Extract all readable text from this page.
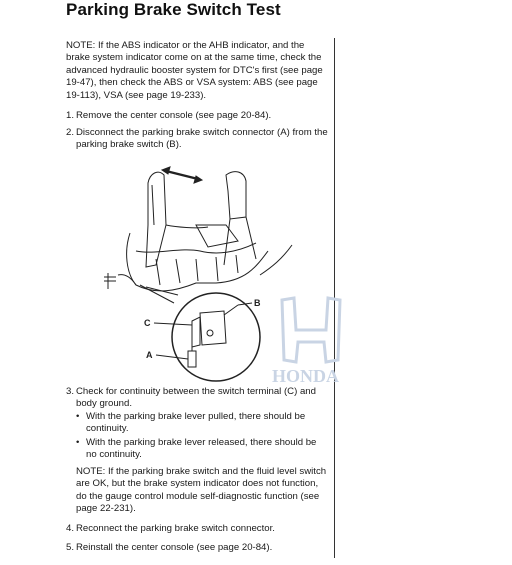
Parking Brake Switch Test
NOTE: If the ABS indicator or the AHB indicator, and the brake system indicator come on at the same time, check the advanced hydraulic booster system for DTC's first (see page 19-47), then check the ABS or VSA system: ABS (see page 19-113), VSA (see page 19-233).
1. Remove the center console (see page 20-84).
2. Disconnect the parking brake switch connector (A) from the parking brake switch (B).
B
C
A
HONDA
3. Check for continuity between the switch terminal (C) and body ground.
• With the parking brake lever pulled, there should be continuity.
• With the parking brake lever released, there should be no continuity.
NOTE: If the parking brake switch and the fluid level switch are OK, but the brake system indicator does not function, do the gauge control module self-diagnostic function (see page 22-231).
4. Reconnect the parking brake switch connector.
5. Reinstall the center console (see page 20-84).
